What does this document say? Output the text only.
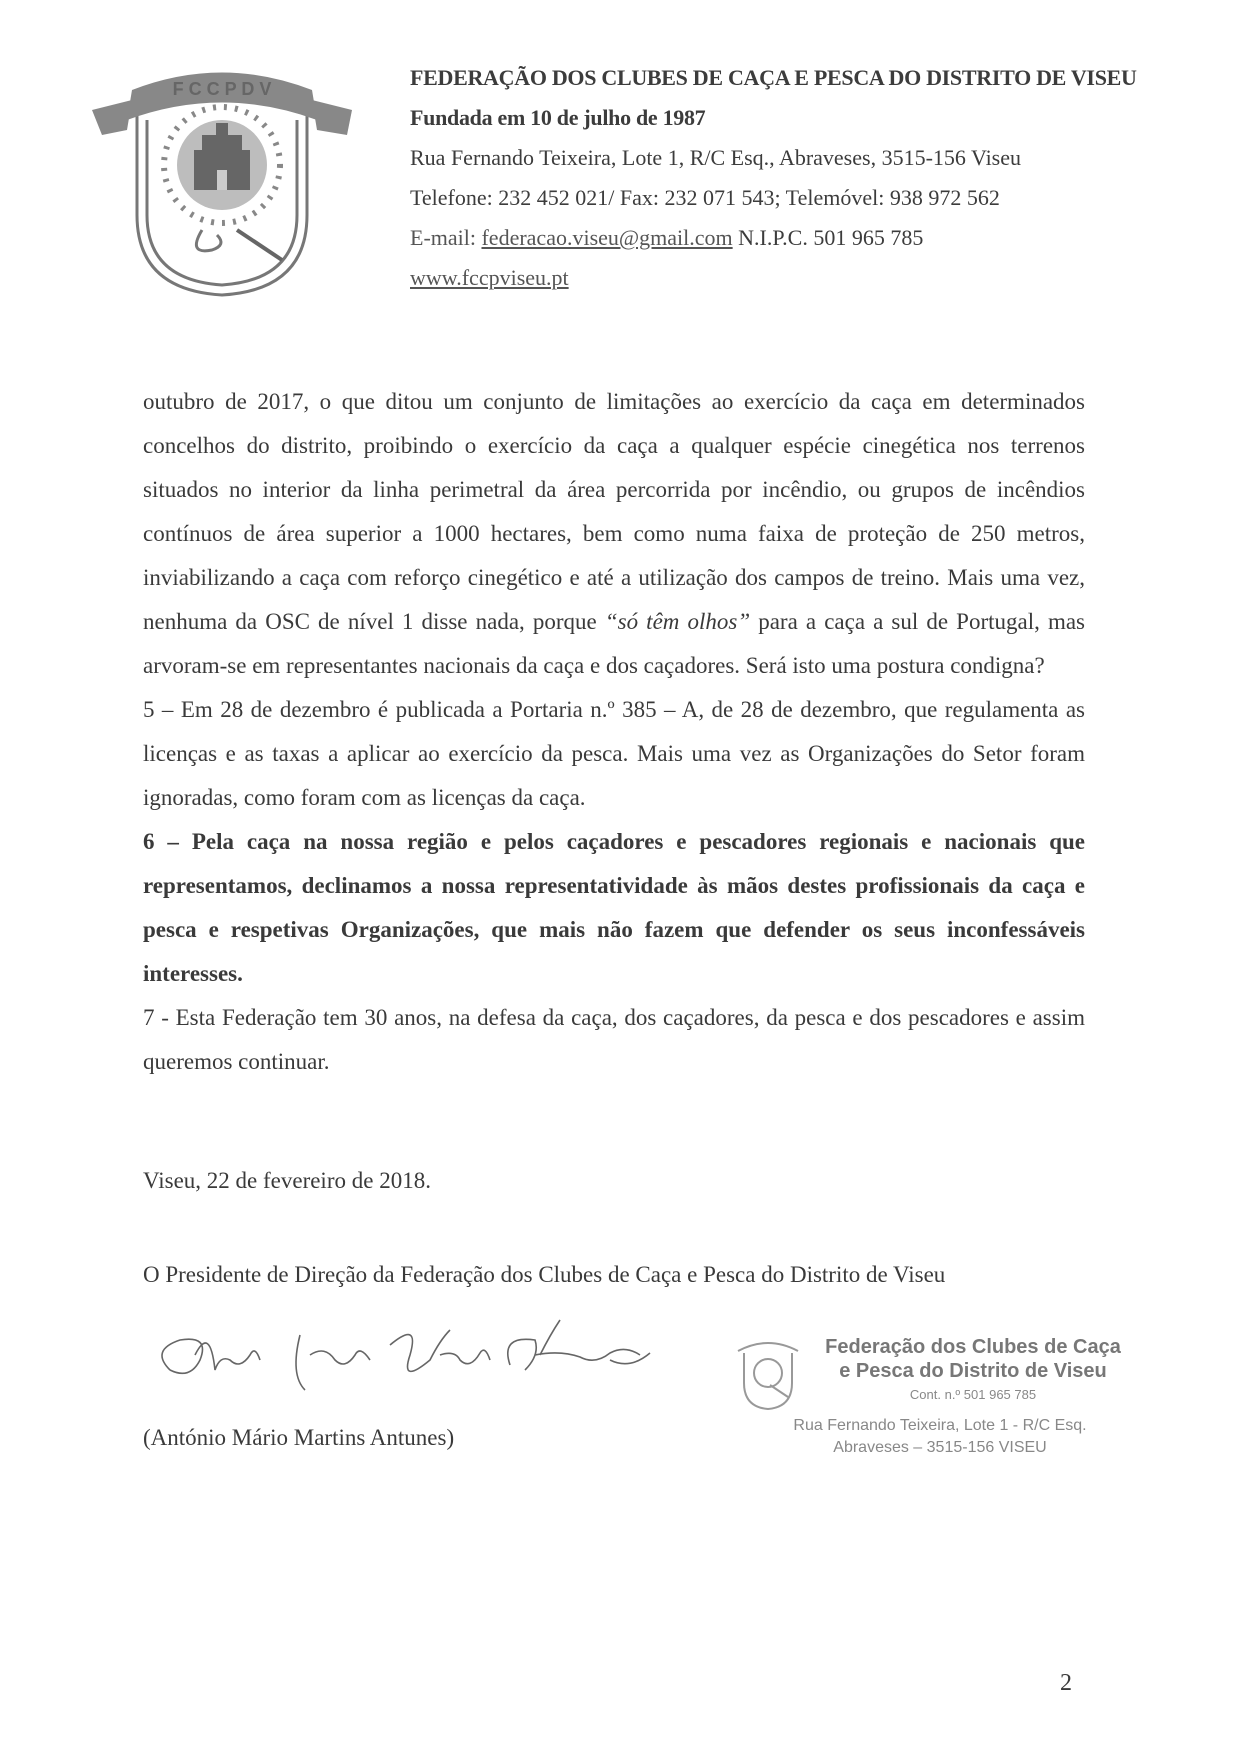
F C C P D V	FEDERAÇÃO DOS CLUBES DE CAÇA E PESCA DO DISTRITO DE VISEU
Fundada em 10 de julho de 1987
Rua Fernando Teixeira, Lote 1, R/C Esq., Abraveses, 3515-156 Viseu
Telefone: 232 452 021/ Fax: 232 071 543; Telemóvel: 938 972 562
E-mail: federacao.viseu@gmail.com N.I.P.C. 501 965 785
www.fccpviseu.pt

outubro de 2017, o que ditou um conjunto de limitações ao exercício da caça em determinados concelhos do distrito, proibindo o exercício da caça a qualquer espécie cinegética nos terrenos situados no interior da linha perimetral da área percorrida por incêndio, ou grupos de incêndios contínuos de área superior a 1000 hectares, bem como numa faixa de proteção de 250 metros, inviabilizando a caça com reforço cinegético e até a utilização dos campos de treino. Mais uma vez, nenhuma da OSC de nível 1 disse nada, porque “só têm olhos” para a caça a sul de Portugal, mas arvoram-se em representantes nacionais da caça e dos caçadores. Será isto uma postura condigna?

5 – Em 28 de dezembro é publicada a Portaria n.º 385 – A, de 28 de dezembro, que regulamenta as licenças e as taxas a aplicar ao exercício da pesca. Mais uma vez as Organizações do Setor foram ignoradas, como foram com as licenças da caça.

6 – Pela caça na nossa região e pelos caçadores e pescadores regionais e nacionais que representamos, declinamos a nossa representatividade às mãos destes profissionais da caça e pesca e respetivas Organizações, que mais não fazem que defender os seus inconfessáveis interesses.

7 - Esta Federação tem 30 anos, na defesa da caça, dos caçadores, da pesca e dos pescadores e assim queremos continuar.

Viseu, 22 de fevereiro de 2018.
O Presidente de Direção da Federação dos Clubes de Caça e Pesca do Distrito de Viseu
(António Mário Martins Antunes)
Federação dos Clubes de Caça
e Pesca do Distrito de Viseu
Cont. n.º 501 965 785
Rua Fernando Teixeira, Lote 1 - R/C Esq.
Abraveses – 3515-156 VISEU
2
